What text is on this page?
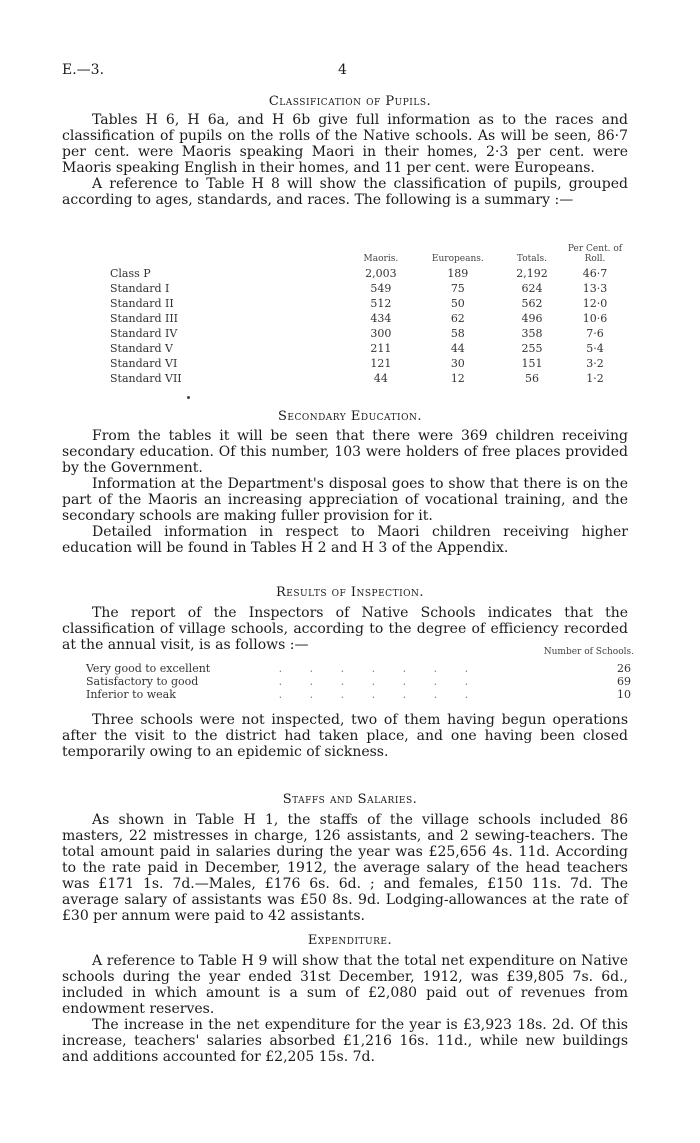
E.—3.	4
Classification of Pupils.

Tables H 6, H 6a, and H 6b give full information as to the races and classification of pupils on the rolls of the Native schools. As will be seen, 86·7 per cent. were Maoris speaking Maori in their homes, 2·3 per cent. were Maoris speaking English in their homes, and 11 per cent. were Europeans.

A reference to Table H 8 will show the classification of pupils, grouped according to ages, standards, and races. The following is a summary :—

	Maoris.	Europeans.	Totals.	Per Cent. of Roll.
Class P	2,003	189	2,192	46·7
Standard I	549	75	624	13·3
Standard II	512	50	562	12·0
Standard III	434	62	496	10·6
Standard IV	300	58	358	7·6
Standard V	211	44	255	5·4
Standard VI	121	30	151	3·2
Standard VII	44	12	56	1·2
Secondary Education.

From the tables it will be seen that there were 369 children receiving secondary education. Of this number, 103 were holders of free places provided by the Government.

Information at the Department's disposal goes to show that there is on the part of the Maoris an increasing appreciation of vocational training, and the secondary schools are making fuller provision for it.

Detailed information in respect to Maori children receiving higher education will be found in Tables H 2 and H 3 of the Appendix.

Results of Inspection.

The report of the Inspectors of Native Schools indicates that the classification of village schools, according to the degree of efficiency recorded at the annual visit, is as follows :—	Number of Schools.
Very good to excellent	. . . . . . .	26
Satisfactory to good	. . . . . . .	69
Inferior to weak	. . . . . . .	10

Three schools were not inspected, two of them having begun operations after the visit to the district had taken place, and one having been closed temporarily owing to an epidemic of sickness.

Staffs and Salaries.

As shown in Table H 1, the staffs of the village schools included 86 masters, 22 mistresses in charge, 126 assistants, and 2 sewing-teachers. The total amount paid in salaries during the year was £25,656 4s. 11d. According to the rate paid in December, 1912, the average salary of the head teachers was £171 1s. 7d.—Males, £176 6s. 6d. ; and females, £150 11s. 7d. The average salary of assistants was £50 8s. 9d. Lodging-allowances at the rate of £30 per annum were paid to 42 assistants.

Expenditure.

A reference to Table H 9 will show that the total net expenditure on Native schools during the year ended 31st December, 1912, was £39,805 7s. 6d., included in which amount is a sum of £2,080 paid out of revenues from endowment reserves.

The increase in the net expenditure for the year is £3,923 18s. 2d. Of this increase, teachers' salaries absorbed £1,216 16s. 11d., while new buildings and additions accounted for £2,205 15s. 7d.
